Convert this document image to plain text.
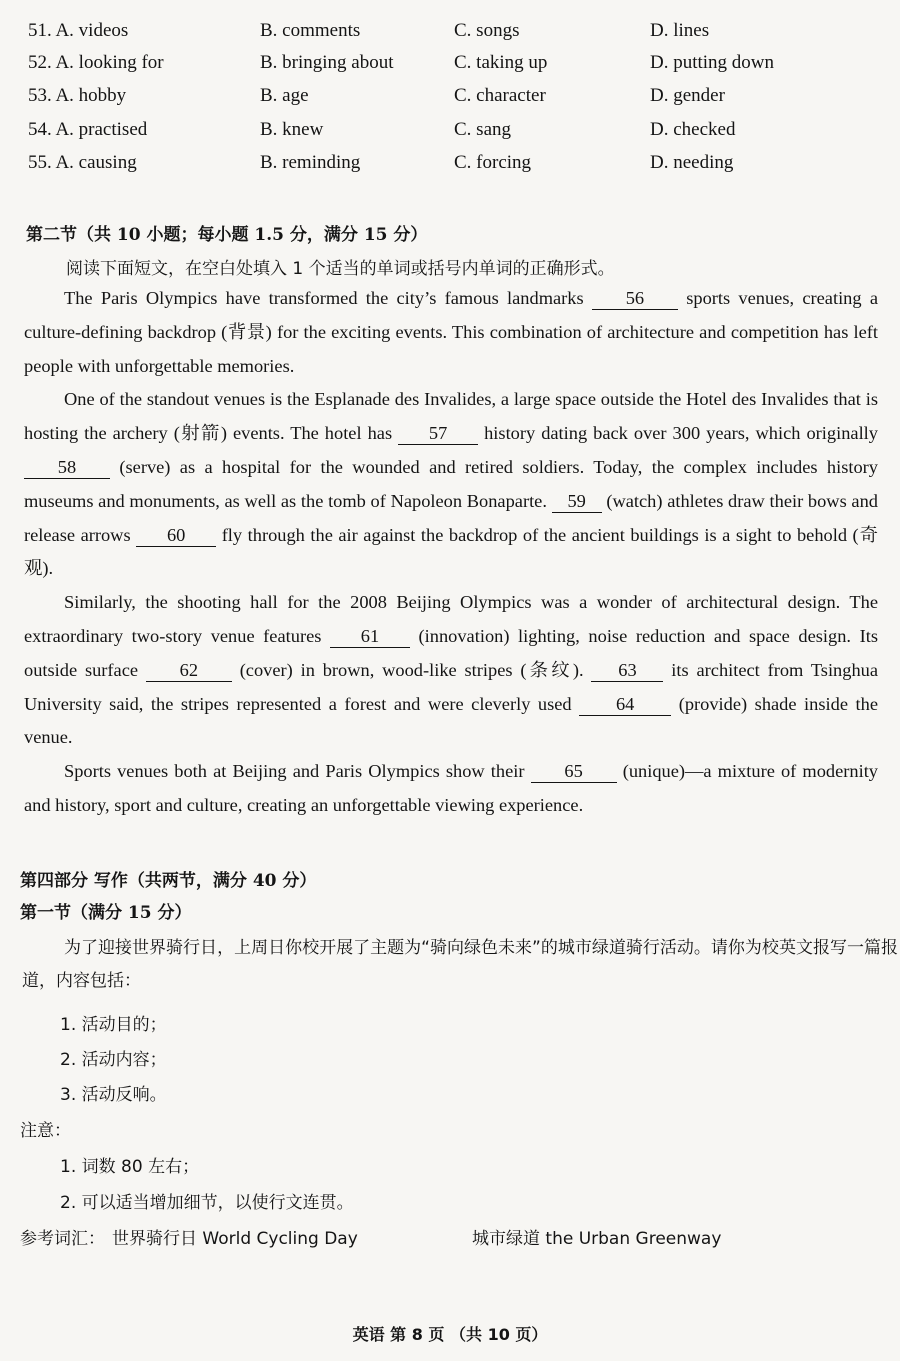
51. A. videos	B. comments	C. songs	D. lines
52. A. looking for	B. bringing about	C. taking up	D. putting down
53. A. hobby	B. age	C. character	D. gender
54. A. practised	B. knew	C. sang	D. checked
55. A. causing	B. reminding	C. forcing	D. needing
第二节（共 10 小题；每小题 1.5 分，满分 15 分）
阅读下面短文，在空白处填入 1 个适当的单词或括号内单词的正确形式。

The Paris Olympics have transformed the city’s famous landmarks 56 sports venues, creating a culture-defining backdrop (背景) for the exciting events. This combination of architecture and competition has left people with unforgettable memories.

One of the standout venues is the Esplanade des Invalides, a large space outside the Hotel des Invalides that is hosting the archery (射箭) events. The hotel has 57 history dating back over 300 years, which originally 58 (serve) as a hospital for the wounded and retired soldiers. Today, the complex includes history museums and monuments, as well as the tomb of Napoleon Bonaparte. 59 (watch) athletes draw their bows and release arrows 60 fly through the air against the backdrop of the ancient buildings is a sight to behold (奇观).

Similarly, the shooting hall for the 2008 Beijing Olympics was a wonder of architectural design. The extraordinary two-story venue features 61 (innovation) lighting, noise reduction and space design. Its outside surface 62 (cover) in brown, wood-like stripes (条纹). 63 its architect from Tsinghua University said, the stripes represented a forest and were cleverly used 64 (provide) shade inside the venue.

Sports venues both at Beijing and Paris Olympics show their 65 (unique)—a mixture of modernity and history, sport and culture, creating an unforgettable viewing experience.

第四部分 写作（共两节，满分 40 分）
第一节（满分 15 分）
为了迎接世界骑行日，上周日你校开展了主题为“骑向绿色未来”的城市绿道骑行活动。请你为校英文报写一篇报道，内容包括：
1. 活动目的；
2. 活动内容；
3. 活动反响。
注意：
1. 词数 80 左右；
2. 可以适当增加细节，以使行文连贯。
参考词汇： 世界骑行日 World Cycling Day	城市绿道 the Urban Greenway
英语 第 8 页 （共 10 页）
